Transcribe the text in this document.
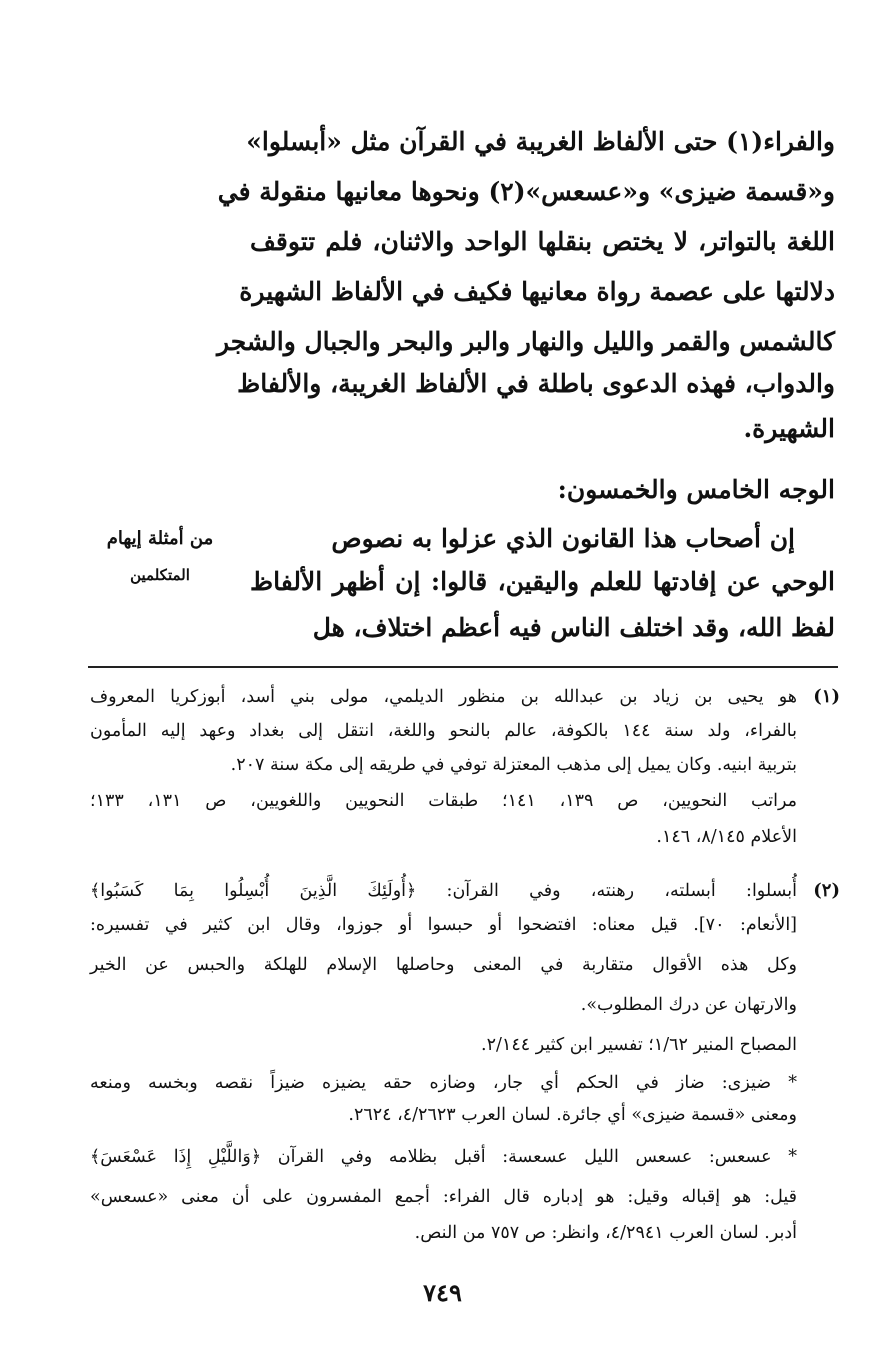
والفراء(١) حتى الألفاظ الغريبة في القرآن مثل «أبسلوا»
و«قسمة ضيزى» و«عسعس»(٢) ونحوها معانيها منقولة في
اللغة بالتواتر، لا يختص بنقلها الواحد والاثنان، فلم تتوقف
دلالتها على عصمة رواة معانيها فكيف في الألفاظ الشهيرة
كالشمس والقمر والليل والنهار والبر والبحر والجبال والشجر
والدواب، فهذه الدعوى باطلة في الألفاظ الغريبة، والألفاظ
الشهيرة.
الوجه الخامس والخمسون:
إن أصحاب هذا القانون الذي عزلوا به نصوص
الوحي عن إفادتها للعلم واليقين، قالوا: إن أظهر الألفاظ
لفظ الله، وقد اختلف الناس فيه أعظم اختلاف، هل
من أمثلة إيهام
المتكلمين
(١)
هو يحيى بن زياد بن عبدالله بن منظور الديلمي، مولى بني أسد، أبوزكريا المعروف
بالفراء، ولد سنة ١٤٤ بالكوفة، عالم بالنحو واللغة، انتقل إلى بغداد وعهد إليه المأمون
بتربية ابنيه. وكان يميل إلى مذهب المعتزلة توفي في طريقه إلى مكة سنة ٢٠٧.
مراتب النحويين، ص ١٣٩، ١٤١؛ طبقات النحويين واللغويين، ص ١٣١، ١٣٣؛
الأعلام ٨/١٤٥، ١٤٦.
(٢)
أُبسلوا: أبسلته، رهنته، وفي القرآن: ﴿أُولَئِكَ الَّذِينَ أُبْسِلُوا بِمَا كَسَبُوا﴾
[الأنعام: ٧٠]. قيل معناه: افتضحوا أو حبسوا أو جوزوا، وقال ابن كثير في تفسيره:
وكل هذه الأقوال متقاربة في المعنى وحاصلها الإسلام للهلكة والحبس عن الخير
والارتهان عن درك المطلوب».
المصباح المنير ١/٦٢؛ تفسير ابن كثير ٢/١٤٤.
* ضيزى: ضاز في الحكم أي جار، وضازه حقه يضيزه ضيزاً نقصه وبخسه ومنعه
ومعنى «قسمة ضيزى» أي جائرة. لسان العرب ٤/٢٦٢٣، ٢٦٢٤.
* عسعس: عسعس الليل عسعسة: أقبل بظلامه وفي القرآن ﴿وَاللَّيْلِ إِذَا عَسْعَسَ﴾
قيل: هو إقباله وقيل: هو إدباره قال الفراء: أجمع المفسرون على أن معنى «عسعس»
أدبر. لسان العرب ٤/٢٩٤١، وانظر: ص ٧٥٧ من النص.
٧٤٩
